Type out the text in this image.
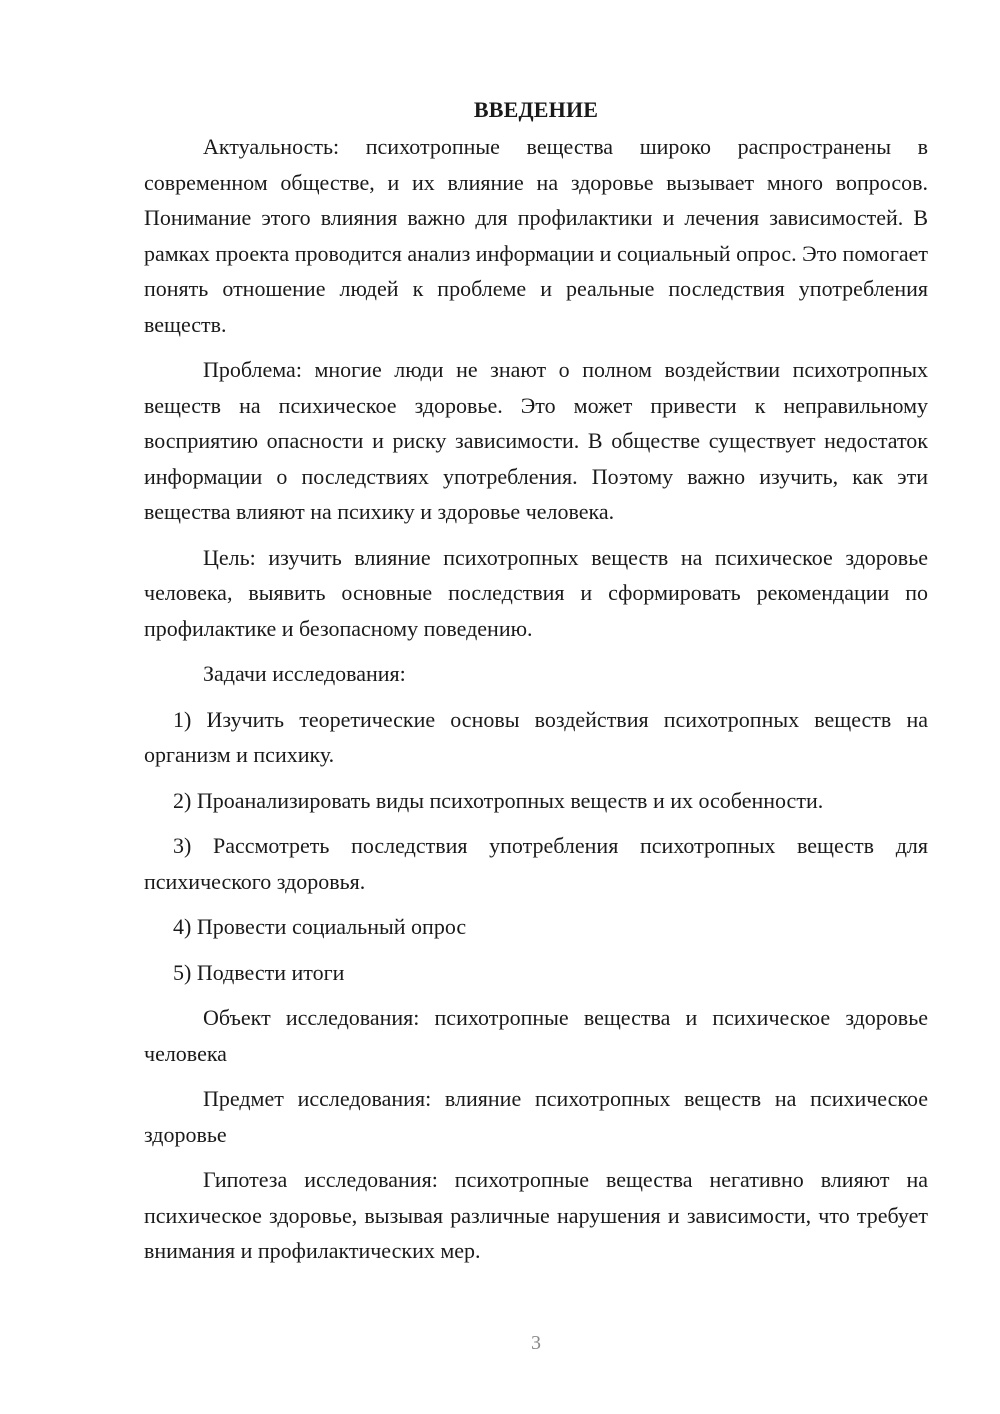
ВВЕДЕНИЕ

Актуальность: психотропные вещества широко распространены в современном обществе, и их влияние на здоровье вызывает много вопросов. Понимание этого влияния важно для профилактики и лечения зависимостей. В рамках проекта проводится анализ информации и социальный опрос. Это помогает понять отношение людей к проблеме и реальные последствия употребления веществ.

Проблема: многие люди не знают о полном воздействии психотропных веществ на психическое здоровье. Это может привести к неправильному восприятию опасности и риску зависимости. В обществе существует недостаток информации о последствиях употребления. Поэтому важно изучить, как эти вещества влияют на психику и здоровье человека.

Цель: изучить влияние психотропных веществ на психическое здоровье человека, выявить основные последствия и сформировать рекомендации по профилактике и безопасному поведению.

Задачи исследования:

1) Изучить теоретические основы воздействия психотропных веществ на организм и психику.

2) Проанализировать виды психотропных веществ и их особенности.

3) Рассмотреть последствия употребления психотропных веществ для психического здоровья.

4) Провести социальный опрос

5) Подвести итоги

Объект исследования: психотропные вещества и психическое здоровье человека

Предмет исследования: влияние психотропных веществ на психическое здоровье

Гипотеза исследования: психотропные вещества негативно влияют на психическое здоровье, вызывая различные нарушения и зависимости, что требует внимания и профилактических мер.

3
